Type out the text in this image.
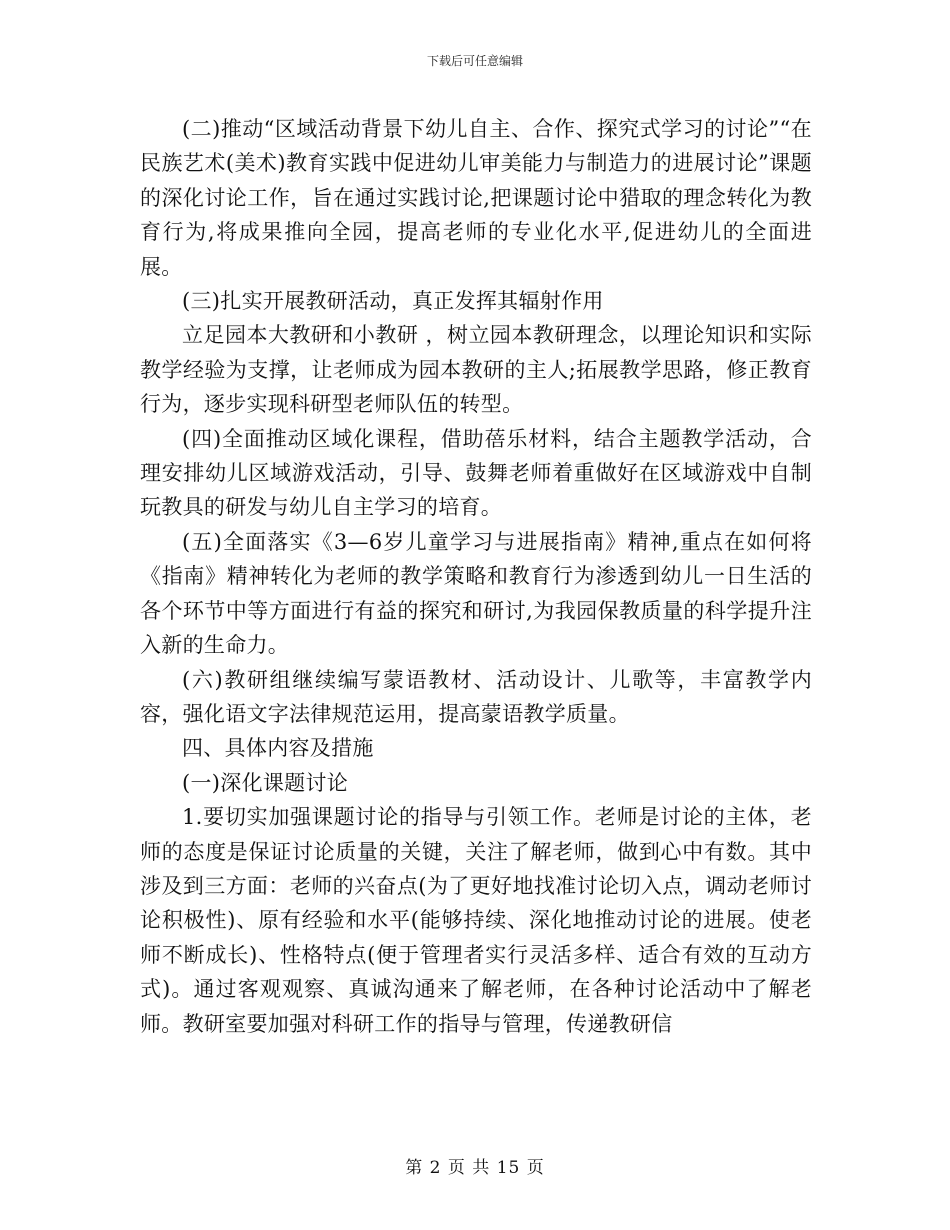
下载后可任意编辑

(二)推动“区域活动背景下幼儿自主、合作、探究式学习的讨论”“在民族艺术(美术)教育实践中促进幼儿审美能力与制造力的进展讨论”课题的深化讨论工作，旨在通过实践讨论,把课题讨论中猎取的理念转化为教育行为,将成果推向全园，提高老师的专业化水平,促进幼儿的全面进展。

(三)扎实开展教研活动，真正发挥其辐射作用

立足园本大教研和小教研 ，树立园本教研理念，以理论知识和实际教学经验为支撑，让老师成为园本教研的主人;拓展教学思路，修正教育行为，逐步实现科研型老师队伍的转型。

(四)全面推动区域化课程，借助蓓乐材料，结合主题教学活动，合理安排幼儿区域游戏活动，引导、鼓舞老师着重做好在区域游戏中自制玩教具的研发与幼儿自主学习的培育。

(五)全面落实《3—6岁儿童学习与进展指南》精神,重点在如何将《指南》精神转化为老师的教学策略和教育行为渗透到幼儿一日生活的各个环节中等方面进行有益的探究和研讨,为我园保教质量的科学提升注入新的生命力。

(六)教研组继续编写蒙语教材、活动设计、儿歌等，丰富教学内容，强化语文字法律规范运用，提高蒙语教学质量。

四、具体内容及措施

(一)深化课题讨论

1.要切实加强课题讨论的指导与引领工作。老师是讨论的主体，老师的态度是保证讨论质量的关键，关注了解老师，做到心中有数。其中涉及到三方面：老师的兴奋点(为了更好地找准讨论切入点，调动老师讨论积极性)、原有经验和水平(能够持续、深化地推动讨论的进展。使老师不断成长)、性格特点(便于管理者实行灵活多样、适合有效的互动方式)。通过客观观察、真诚沟通来了解老师，在各种讨论活动中了解老师。教研室要加强对科研工作的指导与管理，传递教研信

第 2 页 共 15 页
